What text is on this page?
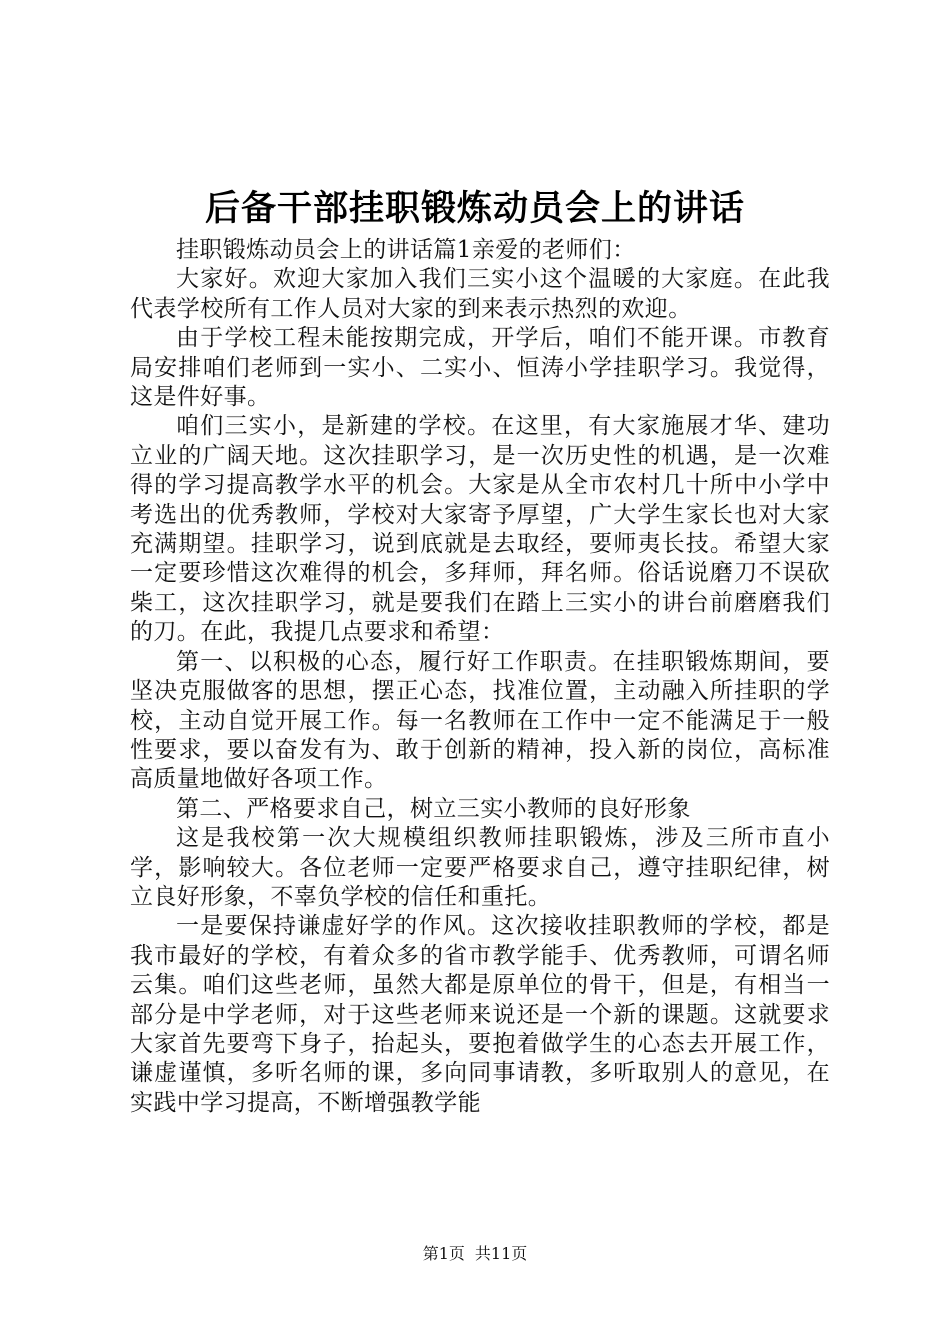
后备干部挂职锻炼动员会上的讲话

挂职锻炼动员会上的讲话篇1亲爱的老师们：

大家好。欢迎大家加入我们三实小这个温暖的大家庭。在此我代表学校所有工作人员对大家的到来表示热烈的欢迎。

由于学校工程未能按期完成，开学后，咱们不能开课。市教育局安排咱们老师到一实小、二实小、恒涛小学挂职学习。我觉得，这是件好事。

咱们三实小，是新建的学校。在这里，有大家施展才华、建功立业的广阔天地。这次挂职学习，是一次历史性的机遇，是一次难得的学习提高教学水平的机会。大家是从全市农村几十所中小学中考选出的优秀教师，学校对大家寄予厚望，广大学生家长也对大家充满期望。挂职学习，说到底就是去取经，要师夷长技。希望大家一定要珍惜这次难得的机会，多拜师，拜名师。俗话说磨刀不误砍柴工，这次挂职学习，就是要我们在踏上三实小的讲台前磨磨我们的刀。在此，我提几点要求和希望：

第一、以积极的心态，履行好工作职责。在挂职锻炼期间，要坚决克服做客的思想，摆正心态，找准位置，主动融入所挂职的学校，主动自觉开展工作。每一名教师在工作中一定不能满足于一般性要求，要以奋发有为、敢于创新的精神，投入新的岗位，高标准高质量地做好各项工作。

第二、严格要求自己，树立三实小教师的良好形象

这是我校第一次大规模组织教师挂职锻炼，涉及三所市直小学，影响较大。各位老师一定要严格要求自己，遵守挂职纪律，树立良好形象，不辜负学校的信任和重托。

一是要保持谦虚好学的作风。这次接收挂职教师的学校，都是我市最好的学校，有着众多的省市教学能手、优秀教师，可谓名师云集。咱们这些老师，虽然大都是原单位的骨干，但是，有相当一部分是中学老师，对于这些老师来说还是一个新的课题。这就要求大家首先要弯下身子，抬起头，要抱着做学生的心态去开展工作，谦虚谨慎，多听名师的课，多向同事请教，多听取别人的意见，在实践中学习提高，不断增强教学能

第1页 共11页
